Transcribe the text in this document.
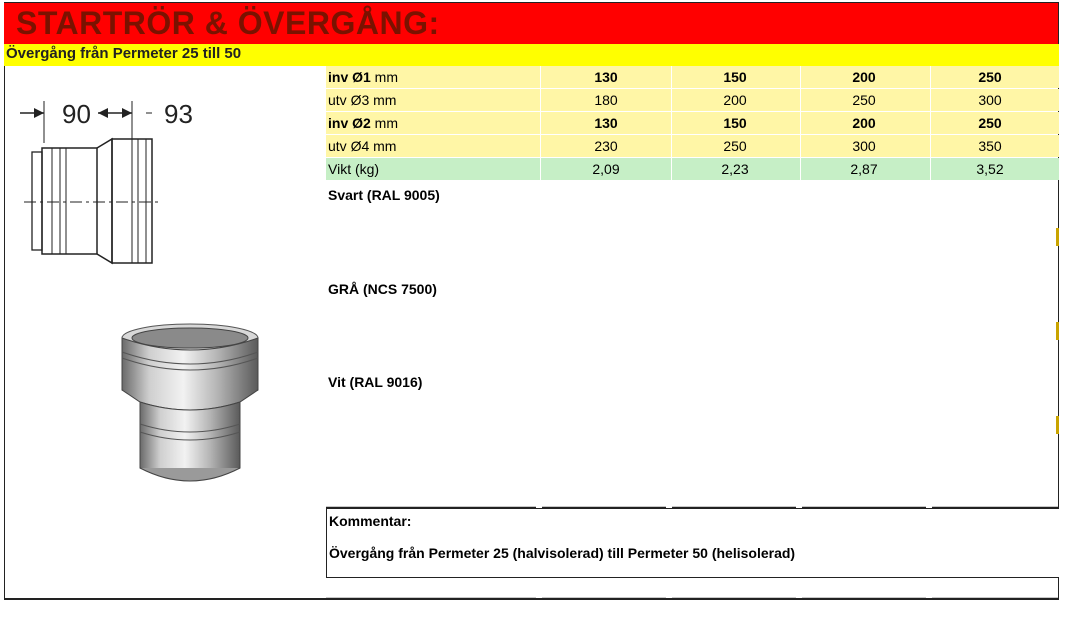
STARTRÖR & ÖVERGÅNG:
Övergång från Permeter 25 till 50
90	93
inv Ø1 mm	130	150	200	250
utv Ø3 mm	180	200	250	300
inv Ø2 mm	130	150	200	250
utv Ø4 mm	230	250	300	350
Vikt (kg)	2,09	2,23	2,87	3,52
Svart (RAL 9005)
GRÅ (NCS 7500)
Vit (RAL 9016)
Kommentar:
Övergång från Permeter 25 (halvisolerad) till Permeter 50 (helisolerad)
